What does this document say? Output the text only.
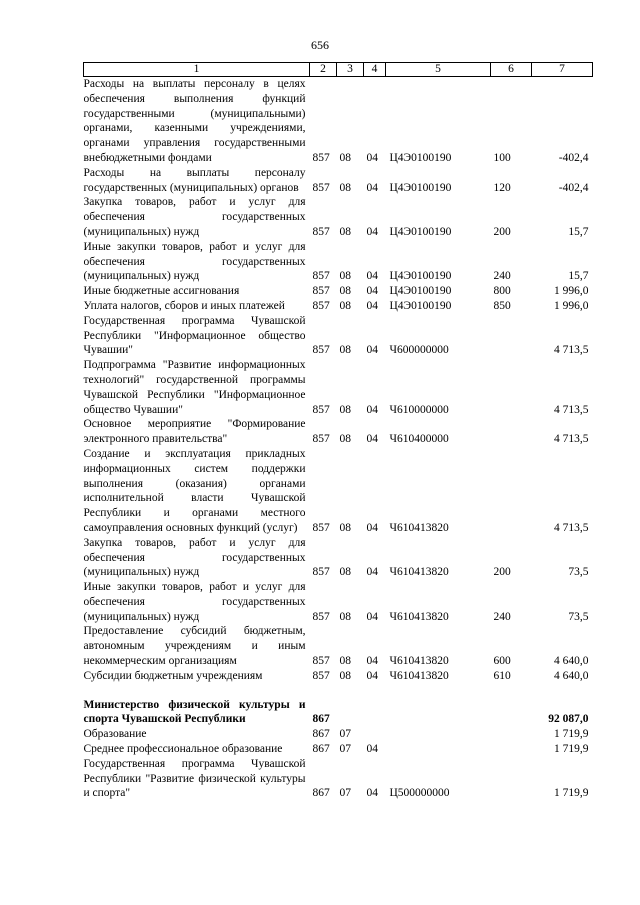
656
1	2	3	4	5	6	7
Расходы на выплаты персоналу в целях обеспечения выполнения функций государственными (муниципальными) органами, казенными учреждениями, органами управления государственными внебюджетными фондами	857	08	04	Ц4Э0100190	100	-402,4
Расходы на выплаты персоналу государственных (муниципальных) органов	857	08	04	Ц4Э0100190	120	-402,4
Закупка товаров, работ и услуг для обеспечения государственных (муниципальных) нужд	857	08	04	Ц4Э0100190	200	15,7
Иные закупки товаров, работ и услуг для обеспечения государственных (муниципальных) нужд	857	08	04	Ц4Э0100190	240	15,7
Иные бюджетные ассигнования	857	08	04	Ц4Э0100190	800	1 996,0
Уплата налогов, сборов и иных платежей	857	08	04	Ц4Э0100190	850	1 996,0
Государственная программа Чувашской Республики "Информационное общество Чувашии"	857	08	04	Ч600000000		4 713,5
Подпрограмма "Развитие информационных технологий" государственной программы Чувашской Республики "Информационное общество Чувашии"	857	08	04	Ч610000000		4 713,5
Основное мероприятие "Формирование электронного правительства"	857	08	04	Ч610400000		4 713,5
Создание и эксплуатация прикладных информационных систем поддержки выполнения (оказания) органами исполнительной власти Чувашской Республики и органами местного самоуправления основных функций (услуг)	857	08	04	Ч610413820		4 713,5
Закупка товаров, работ и услуг для обеспечения государственных (муниципальных) нужд	857	08	04	Ч610413820	200	73,5
Иные закупки товаров, работ и услуг для обеспечения государственных (муниципальных) нужд	857	08	04	Ч610413820	240	73,5
Предоставление субсидий бюджетным, автономным учреждениям и иным некоммерческим организациям	857	08	04	Ч610413820	600	4 640,0
Субсидии бюджетным учреждениям	857	08	04	Ч610413820	610	4 640,0

Министерство физической культуры и спорта Чувашской Республики	867					92 087,0
Образование	867	07				1 719,9
Среднее профессиональное образование	867	07	04			1 719,9
Государственная программа Чувашской Республики "Развитие физической культуры и спорта"	867	07	04	Ц500000000		1 719,9
